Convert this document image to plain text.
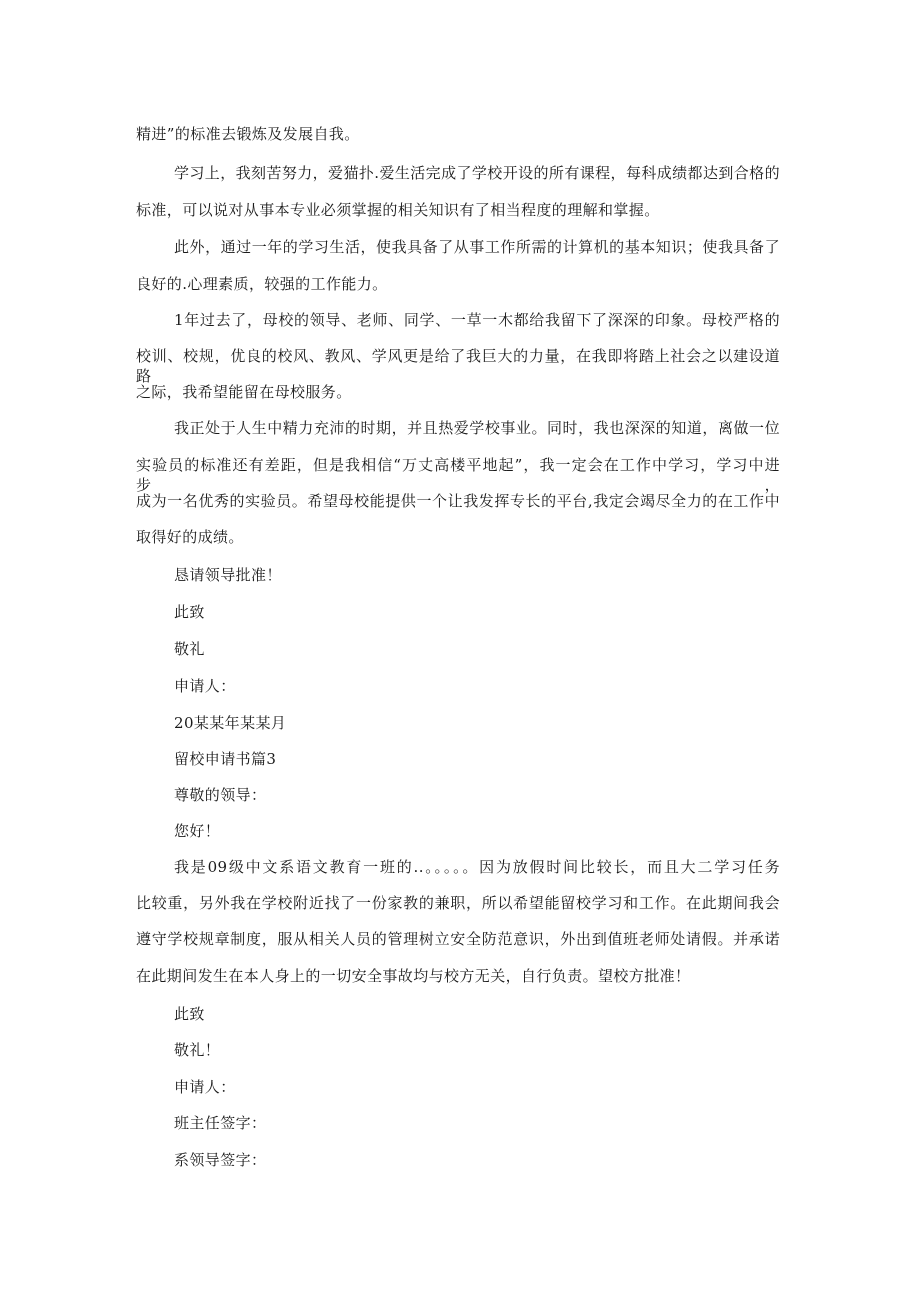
精进”的标准去锻炼及发展自我。
学习上，我刻苦努力，爱猫扑.爱生活完成了学校开设的所有课程，每科成绩都达到合格的
标准，可以说对从事本专业必须掌握的相关知识有了相当程度的理解和掌握。
此外，通过一年的学习生活，使我具备了从事工作所需的计算机的基本知识；使我具备了
良好的.心理素质，较强的工作能力。
1年过去了，母校的领导、老师、同学、一草一木都给我留下了深深的印象。母校严格的
校训、校规，优良的校风、教风、学风更是给了我巨大的力量，在我即将踏上社会之以建设道路
之际，我希望能留在母校服务。
我正处于人生中精力充沛的时期，并且热爱学校事业。同时，我也深深的知道，离做一位
实验员的标准还有差距，但是我相信“万丈高楼平地起”，我一定会在工作中学习，学习中进步，
成为一名优秀的实验员。希望母校能提供一个让我发挥专长的平台,我定会竭尽全力的在工作中
取得好的成绩。
恳请领导批准！
此致
敬礼
申请人：
20某某年某某月
留校申请书篇3
尊敬的领导：
您好！
我是09级中文系语文教育一班的..。。。。。因为放假时间比较长，而且大二学习任务
比较重，另外我在学校附近找了一份家教的兼职，所以希望能留校学习和工作。在此期间我会
遵守学校规章制度，服从相关人员的管理树立安全防范意识，外出到值班老师处请假。并承诺
在此期间发生在本人身上的一切安全事故均与校方无关，自行负责。望校方批准！
此致
敬礼！
申请人：
班主任签字：
系领导签字：
